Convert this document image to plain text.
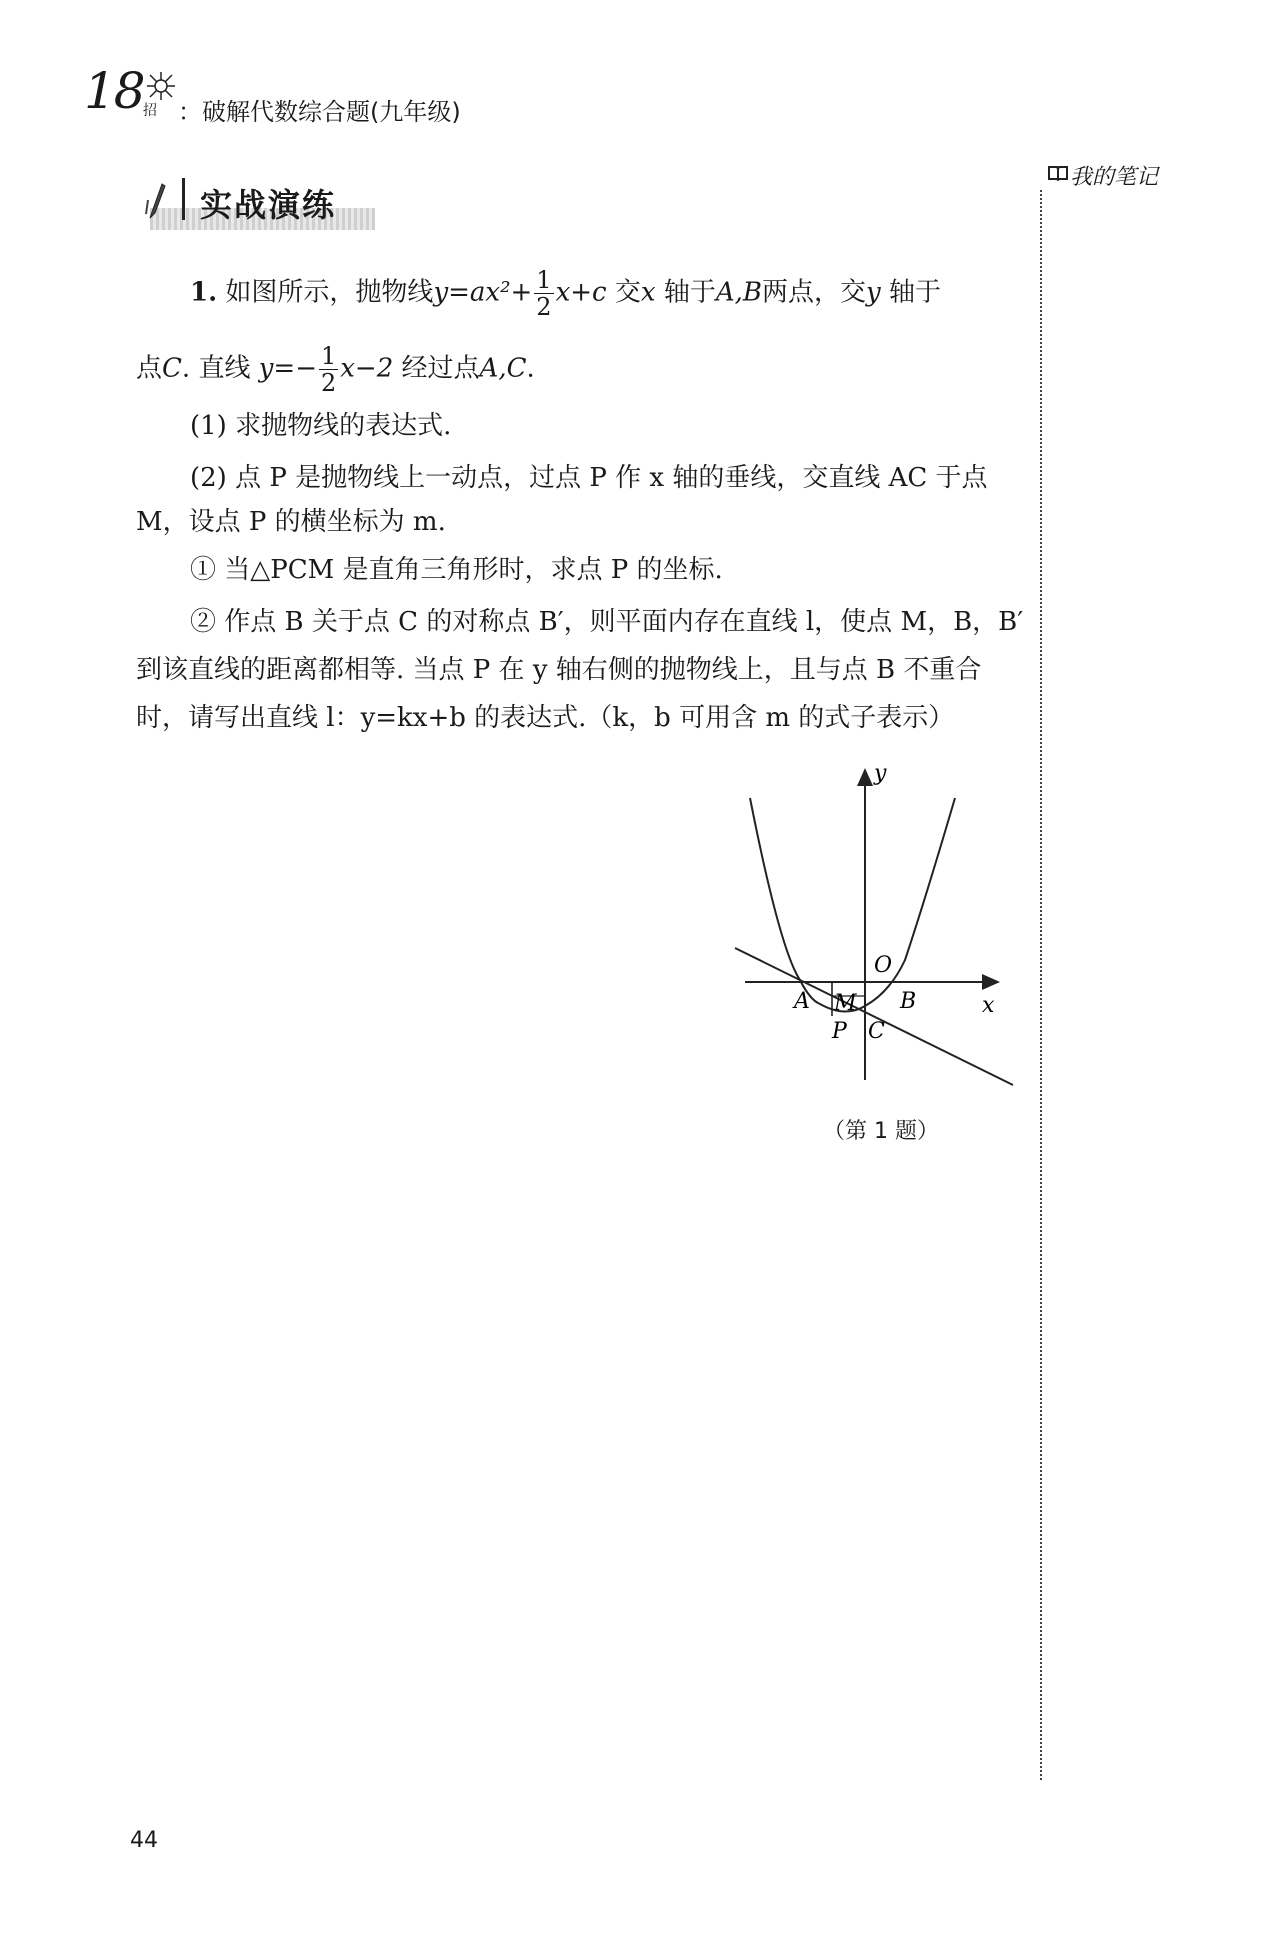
18 招 ：破解代数综合题(九年级)
我的笔记
实战演练
1. 如图所示，抛物线$y=ax^2+ \frac{1}{2} x+c$ 交x 轴于A,B两点，交y 轴于
点C. 直线 $y=- \frac{1}{2} x-2$ 经过点A,C.
(1) 求抛物线的表达式.
(2) 点 P 是抛物线上一动点，过点 P 作 x 轴的垂线，交直线 AC 于点
M，设点 P 的横坐标为 m.
① 当△PCM 是直角三角形时，求点 P 的坐标.
② 作点 B 关于点 C 的对称点 B′，则平面内存在直线 l，使点 M，B，B′
到该直线的距离都相等. 当点 P 在 y 轴右侧的抛物线上，且与点 B 不重合
时，请写出直线 l：y=kx+b 的表达式.（k，b 可用含 m 的式子表示）
y
x
O
A M B
P C
（第 1 题）
44
